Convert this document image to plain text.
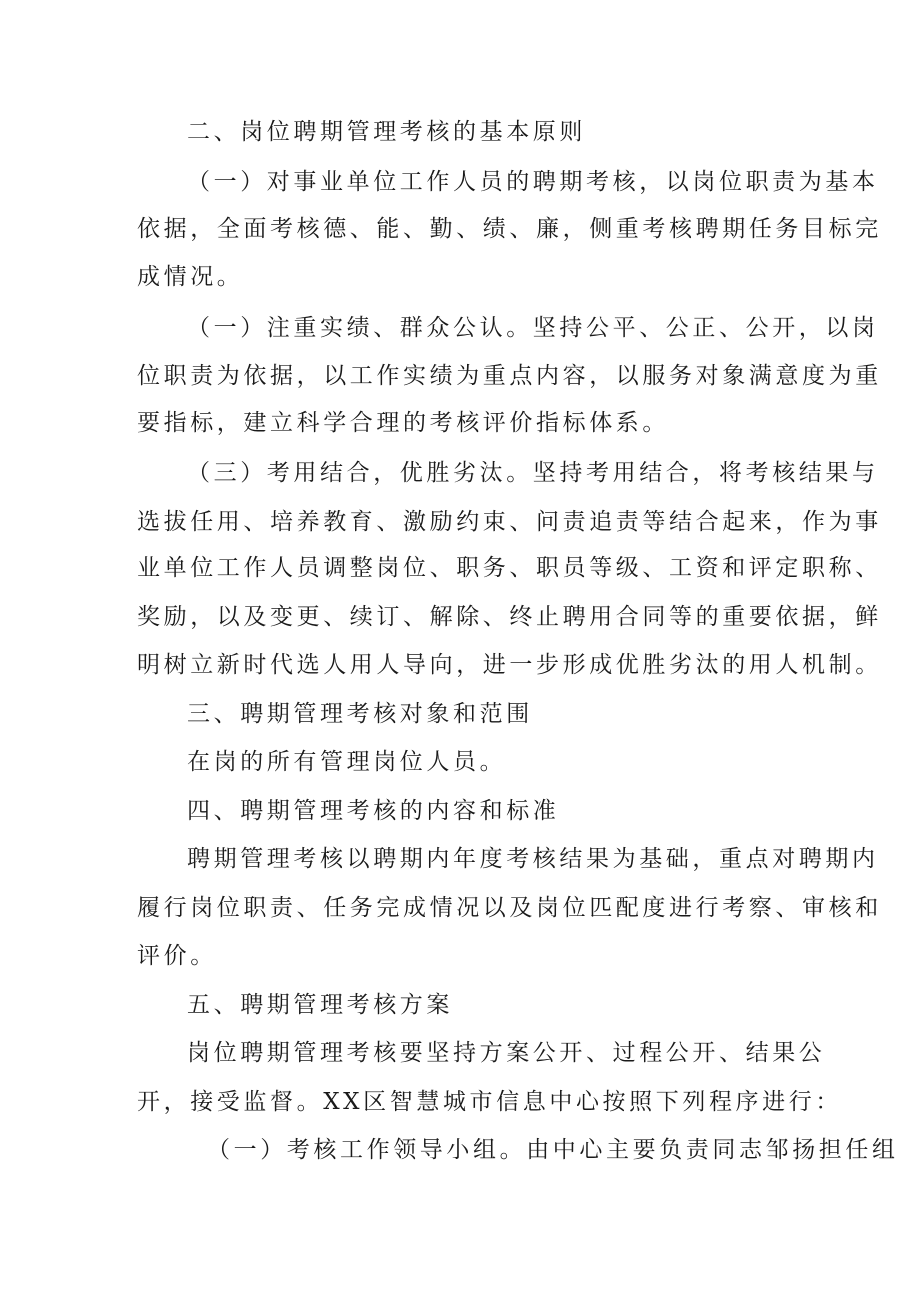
二、岗位聘期管理考核的基本原则
（一）对事业单位工作人员的聘期考核，以岗位职责为基本
依据，全面考核德、能、勤、绩、廉，侧重考核聘期任务目标完
成情况。
（一）注重实绩、群众公认。坚持公平、公正、公开，以岗
位职责为依据，以工作实绩为重点内容，以服务对象满意度为重
要指标，建立科学合理的考核评价指标体系。
（三）考用结合，优胜劣汰。坚持考用结合，将考核结果与
选拔任用、培养教育、激励约束、问责追责等结合起来，作为事
业单位工作人员调整岗位、职务、职员等级、工资和评定职称、
奖励，以及变更、续订、解除、终止聘用合同等的重要依据，鲜
明树立新时代选人用人导向，进一步形成优胜劣汰的用人机制。
三、聘期管理考核对象和范围
在岗的所有管理岗位人员。
四、聘期管理考核的内容和标准
聘期管理考核以聘期内年度考核结果为基础，重点对聘期内
履行岗位职责、任务完成情况以及岗位匹配度进行考察、审核和
评价。
五、聘期管理考核方案
岗位聘期管理考核要坚持方案公开、过程公开、结果公
开，接受监督。XX区智慧城市信息中心按照下列程序进行：
（一）考核工作领导小组。由中心主要负责同志邹扬担任组
